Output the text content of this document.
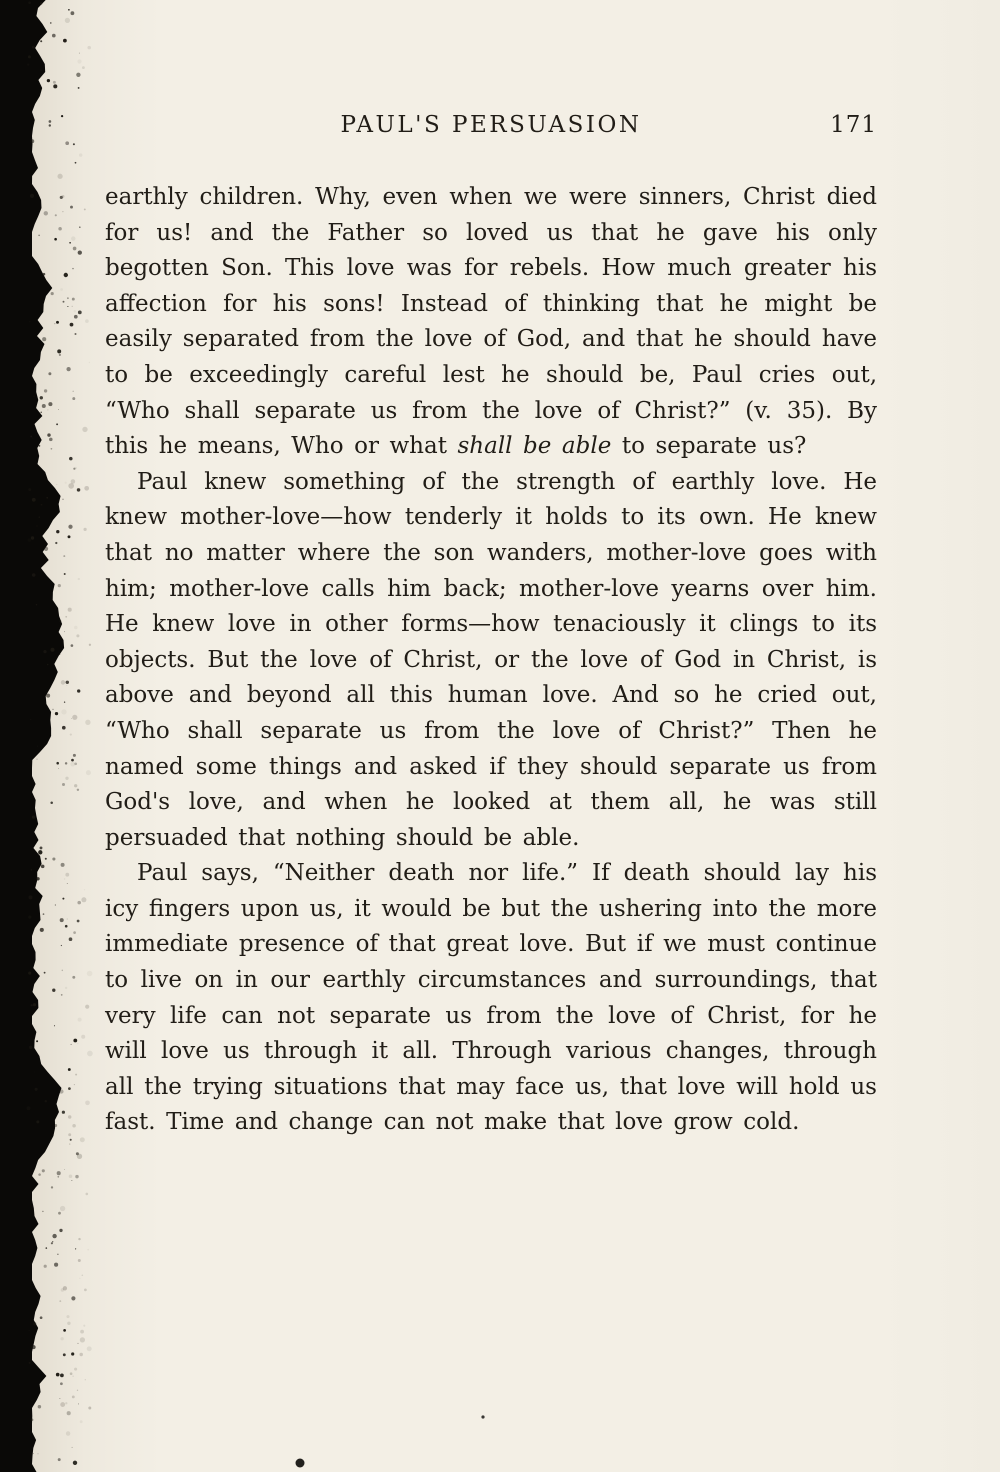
PAUL'S PERSUASION	171

earthly children. Why, even when we were sinners, Christ died for us! and the Father so loved us that he gave his only begotten Son. This love was for rebels. How much greater his affection for his sons! Instead of thinking that he might be easily separated from the love of God, and that he should have to be exceedingly careful lest he should be, Paul cries out, “Who shall separate us from the love of Christ?” (v. 35). By this he means, Who or what shall be able to separate us?

Paul knew something of the strength of earthly love. He knew mother-love—how tenderly it holds to its own. He knew that no matter where the son wanders, mother-love goes with him; mother-love calls him back; mother-love yearns over him. He knew love in other forms—how tenaciously it clings to its objects. But the love of Christ, or the love of God in Christ, is above and beyond all this human love. And so he cried out, “Who shall separate us from the love of Christ?” Then he named some things and asked if they should separate us from God's love, and when he looked at them all, he was still persuaded that nothing should be able.

Paul says, “Neither death nor life.” If death should lay his icy fingers upon us, it would be but the ushering into the more immediate presence of that great love. But if we must continue to live on in our earthly circumstances and surroundings, that very life can not separate us from the love of Christ, for he will love us through it all. Through various changes, through all the trying situations that may face us, that love will hold us fast. Time and change can not make that love grow cold.
